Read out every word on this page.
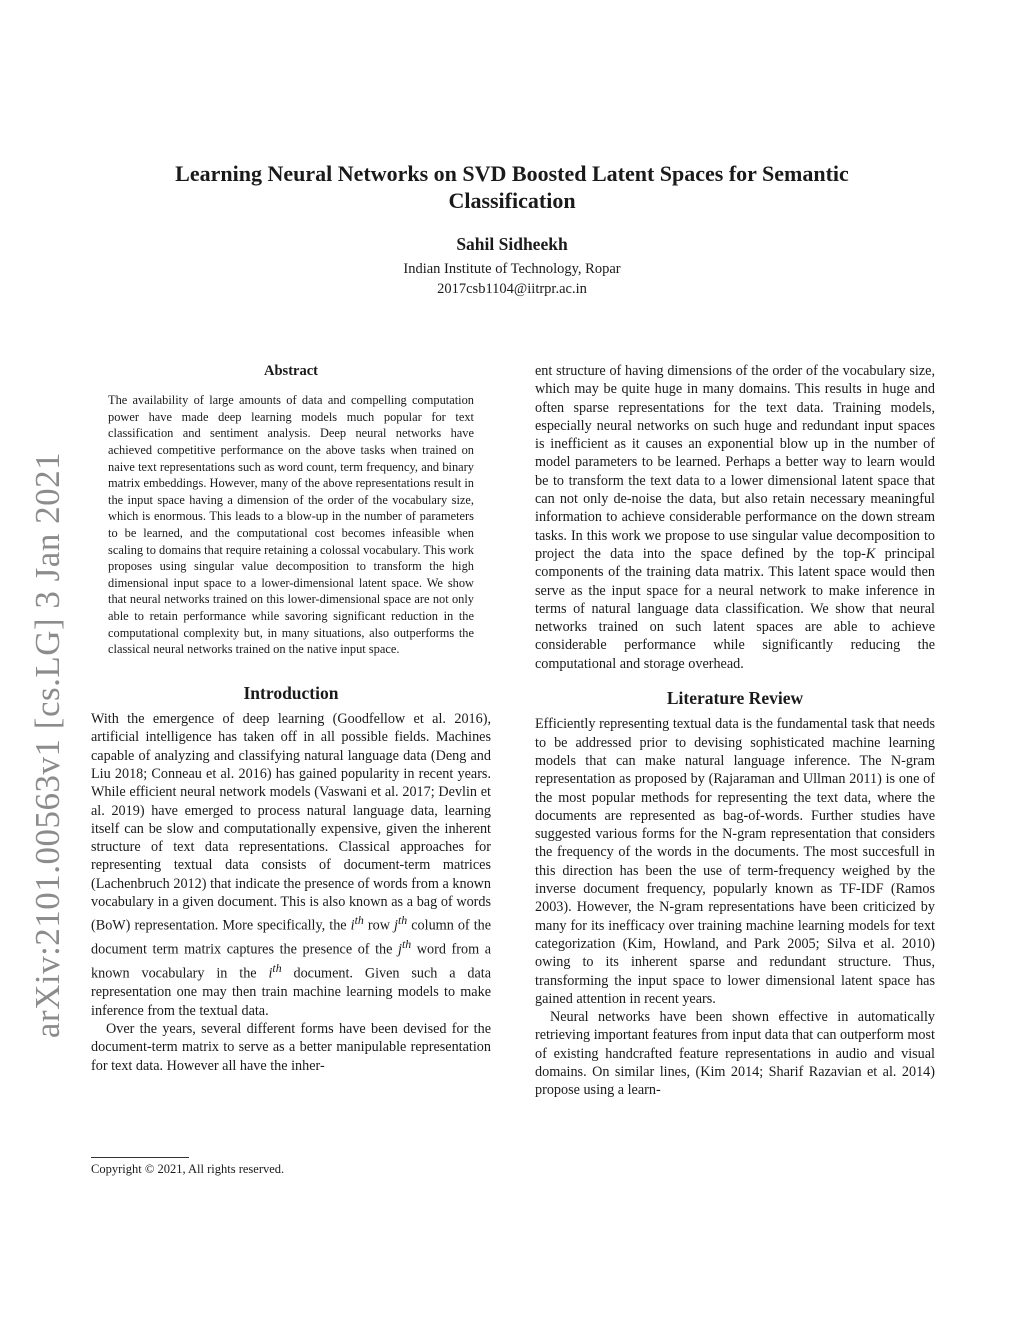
Learning Neural Networks on SVD Boosted Latent Spaces for Semantic Classification
Sahil Sidheekh
Indian Institute of Technology, Ropar
2017csb1104@iitrpr.ac.in
arXiv:2101.00563v1 [cs.LG] 3 Jan 2021
Abstract
The availability of large amounts of data and compelling computation power have made deep learning models much popular for text classification and sentiment analysis. Deep neural networks have achieved competitive performance on the above tasks when trained on naive text representations such as word count, term frequency, and binary matrix embeddings. However, many of the above representations result in the input space having a dimension of the order of the vocabulary size, which is enormous. This leads to a blow-up in the number of parameters to be learned, and the computational cost becomes infeasible when scaling to domains that require retaining a colossal vocabulary. This work proposes using singular value decomposition to transform the high dimensional input space to a lower-dimensional latent space. We show that neural networks trained on this lower-dimensional space are not only able to retain performance while savoring significant reduction in the computational complexity but, in many situations, also outperforms the classical neural networks trained on the native input space.
Introduction

With the emergence of deep learning (Goodfellow et al. 2016), artificial intelligence has taken off in all possible fields. Machines capable of analyzing and classifying natural language data (Deng and Liu 2018; Conneau et al. 2016) has gained popularity in recent years. While efficient neural network models (Vaswani et al. 2017; Devlin et al. 2019) have emerged to process natural language data, learning itself can be slow and computationally expensive, given the inherent structure of text data representations. Classical approaches for representing textual data consists of document-term matrices (Lachenbruch 2012) that indicate the presence of words from a known vocabulary in a given document. This is also known as a bag of words (BoW) representation. More specifically, the $i^{th}$ row $j^{th}$ column of the document term matrix captures the presence of the $j^{th}$ word from a known vocabulary in the $i^{th}$ document. Given such a data representation one may then train machine learning models to make inference from the textual data.

Over the years, several different forms have been devised for the document-term matrix to serve as a better manipulable representation for text data. However all have the inher-

ent structure of having dimensions of the order of the vocabulary size, which may be quite huge in many domains. This results in huge and often sparse representations for the text data. Training models, especially neural networks on such huge and redundant input spaces is inefficient as it causes an exponential blow up in the number of model parameters to be learned. Perhaps a better way to learn would be to transform the text data to a lower dimensional latent space that can not only de-noise the data, but also retain necessary meaningful information to achieve considerable performance on the down stream tasks. In this work we propose to use singular value decomposition to project the data into the space defined by the top-K principal components of the training data matrix. This latent space would then serve as the input space for a neural network to make inference in terms of natural language data classification. We show that neural networks trained on such latent spaces are able to achieve considerable performance while significantly reducing the computational and storage overhead.

Literature Review

Efficiently representing textual data is the fundamental task that needs to be addressed prior to devising sophisticated machine learning models that can make natural language inference. The N-gram representation as proposed by (Rajaraman and Ullman 2011) is one of the most popular methods for representing the text data, where the documents are represented as bag-of-words. Further studies have suggested various forms for the N-gram representation that considers the frequency of the words in the documents. The most succesfull in this direction has been the use of term-frequency weighed by the inverse document frequency, popularly known as TF-IDF (Ramos 2003). However, the N-gram representations have been criticized by many for its inefficacy over training machine learning models for text categorization (Kim, Howland, and Park 2005; Silva et al. 2010) owing to its inherent sparse and redundant structure. Thus, transforming the input space to lower dimensional latent space has gained attention in recent years.

Neural networks have been shown effective in automatically retrieving important features from input data that can outperform most of existing handcrafted feature representations in audio and visual domains. On similar lines, (Kim 2014; Sharif Razavian et al. 2014) propose using a learn-

Copyright © 2021, All rights reserved.
